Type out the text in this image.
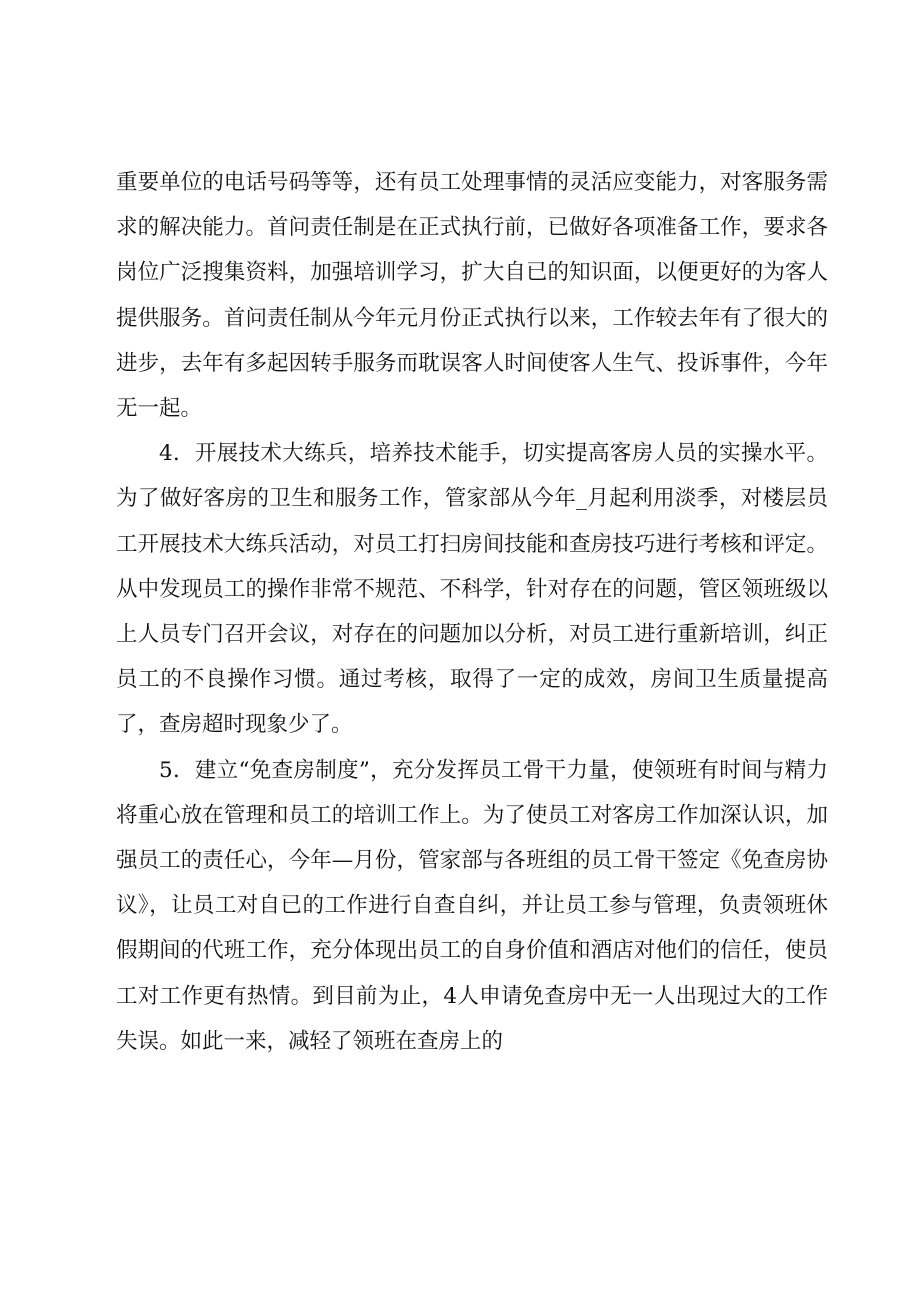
重要单位的电话号码等等，还有员工处理事情的灵活应变能力，对客服务需求的解决能力。首问责任制是在正式执行前，已做好各项准备工作，要求各岗位广泛搜集资料，加强培训学习，扩大自已的知识面，以便更好的为客人提供服务。首问责任制从今年元月份正式执行以来，工作较去年有了很大的进步，去年有多起因转手服务而耽误客人时间使客人生气、投诉事件，今年无一起。

4．开展技术大练兵，培养技术能手，切实提高客房人员的实操水平。为了做好客房的卫生和服务工作，管家部从今年_月起利用淡季，对楼层员工开展技术大练兵活动，对员工打扫房间技能和查房技巧进行考核和评定。从中发现员工的操作非常不规范、不科学，针对存在的问题，管区领班级以上人员专门召开会议，对存在的问题加以分析，对员工进行重新培训，纠正员工的不良操作习惯。通过考核，取得了一定的成效，房间卫生质量提高了，查房超时现象少了。

5．建立“免查房制度”，充分发挥员工骨干力量，使领班有时间与精力将重心放在管理和员工的培训工作上。为了使员工对客房工作加深认识，加强员工的责任心，今年—月份，管家部与各班组的员工骨干签定《免查房协议》，让员工对自已的工作进行自查自纠，并让员工参与管理，负责领班休假期间的代班工作，充分体现出员工的自身价值和酒店对他们的信任，使员工对工作更有热情。到目前为止，4人申请免查房中无一人出现过大的工作失误。如此一来，减轻了领班在查房上的
